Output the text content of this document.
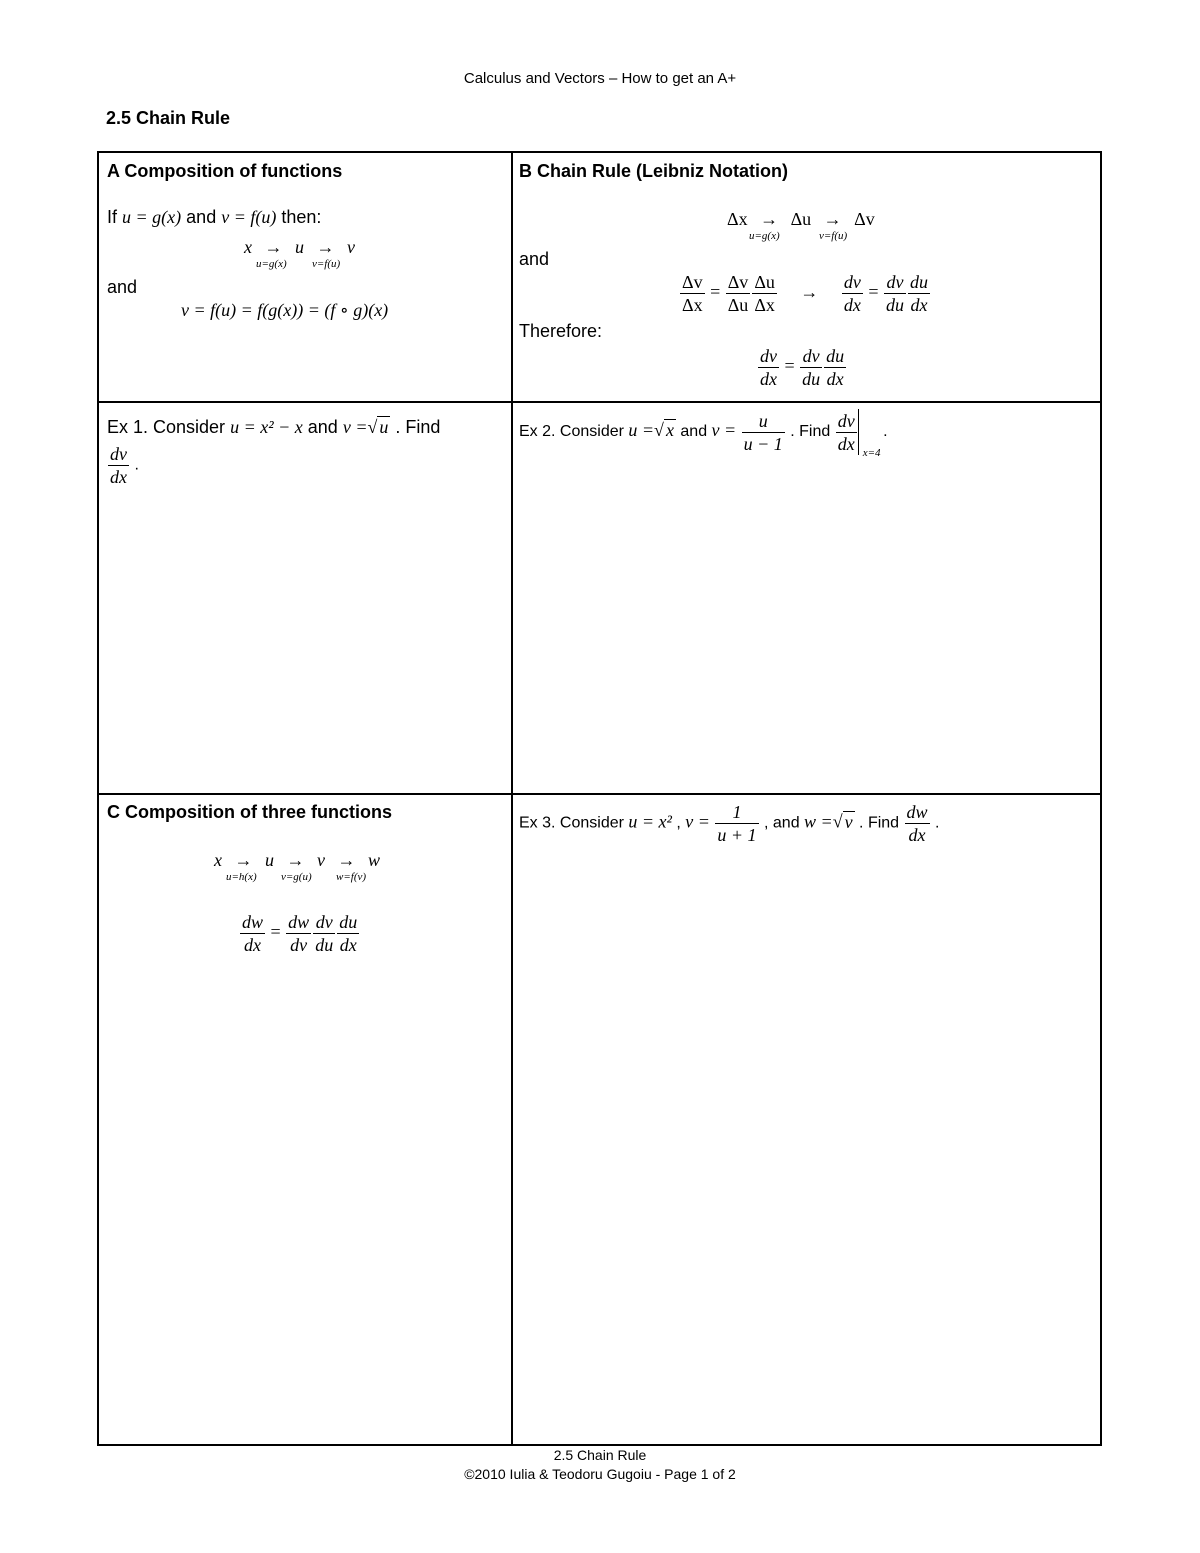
Calculus and Vectors – How to get an A+
2.5 Chain Rule
A Composition of functions
If u = g(x) and v = f(u) then:
x → u → v
u=g(x) v=f(u)
and
v = f(u) = f(g(x)) = (f ∘ g)(x)
B Chain Rule (Leibniz Notation)
Δx → Δu → Δv
u=g(x)	v=f(u)
and
$\frac{\Delta v}{\Delta x} = \frac{\Delta v}{\Delta u} \frac{\Delta u}{\Delta x} \to \frac{dv}{dx} = \frac{dv}{du} \frac{du}{dx}$
Therefore:
$\frac{dv}{dx} = \frac{dv}{du} \frac{du}{dx}$
Ex 1. Consider u = x² − x and v =√ u . Find
$\frac{dv}{dx}$ .
Ex 2. Consider u =√ x and $v = \frac{u}{u - 1}$ . Find $\frac{dv}{dx} x=4$
.
C Composition of three functions
x → u → v → w
u=h(x) v=g(u) w=f(v)
$\frac{dw}{dx} = \frac{dw}{dv} \frac{dv}{du} \frac{du}{dx}$
Ex 3. Consider u = x² , $v = \frac{1}{u + 1}$ , and w =√ v . Find $\frac{dw}{dx}$ .
2.5 Chain Rule
©2010 Iulia & Teodoru Gugoiu - Page 1 of 2
